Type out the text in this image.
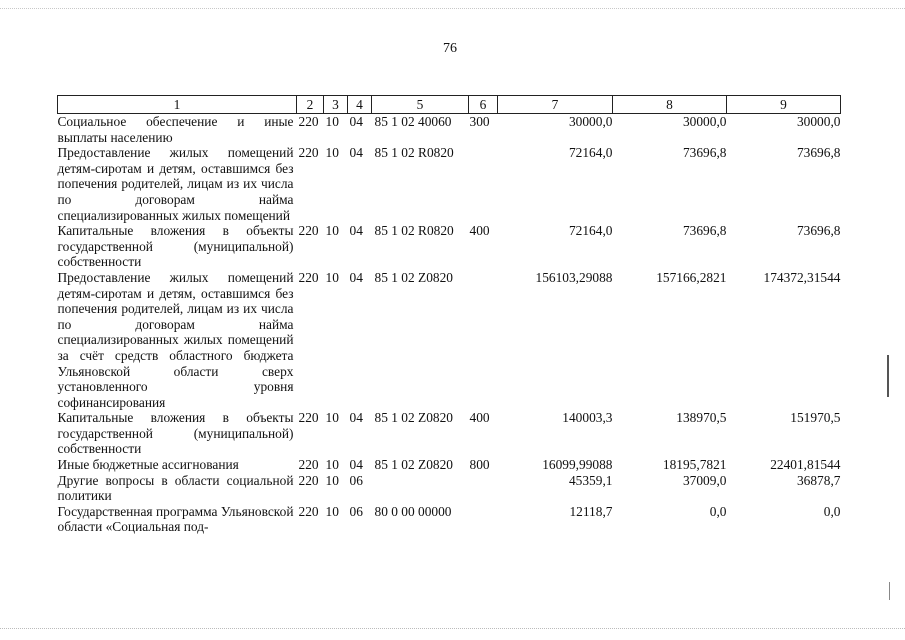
76
1	2	3	4	5	6	7	8	9
Социальное обеспечение и иные выплаты населению	220	10	04	85 1 02 40060	300	30000,0	30000,0	30000,0
Предоставление жилых помещений детям-сиротам и детям, оставшимся без попечения родителей, лицам из их числа по договорам найма специализированных жилых помещений	220	10	04	85 1 02 R0820		72164,0	73696,8	73696,8
Капитальные вложения в объекты государственной (муниципальной) собственности	220	10	04	85 1 02 R0820	400	72164,0	73696,8	73696,8
Предоставление жилых помещений детям-сиротам и детям, оставшимся без попечения родителей, лицам из их числа по договорам найма специализированных жилых помещений за счёт средств областного бюджета Ульяновской области сверх установленного уровня софинансирования	220	10	04	85 1 02 Z0820		156103,29088	157166,2821	174372,31544
Капитальные вложения в объекты государственной (муниципальной) собственности	220	10	04	85 1 02 Z0820	400	140003,3	138970,5	151970,5
Иные бюджетные ассигнования	220	10	04	85 1 02 Z0820	800	16099,99088	18195,7821	22401,81544
Другие вопросы в области социальной политики	220	10	06			45359,1	37009,0	36878,7
Государственная программа Ульяновской области «Социальная под-	220	10	06	80 0 00 00000		12118,7	0,0	0,0
